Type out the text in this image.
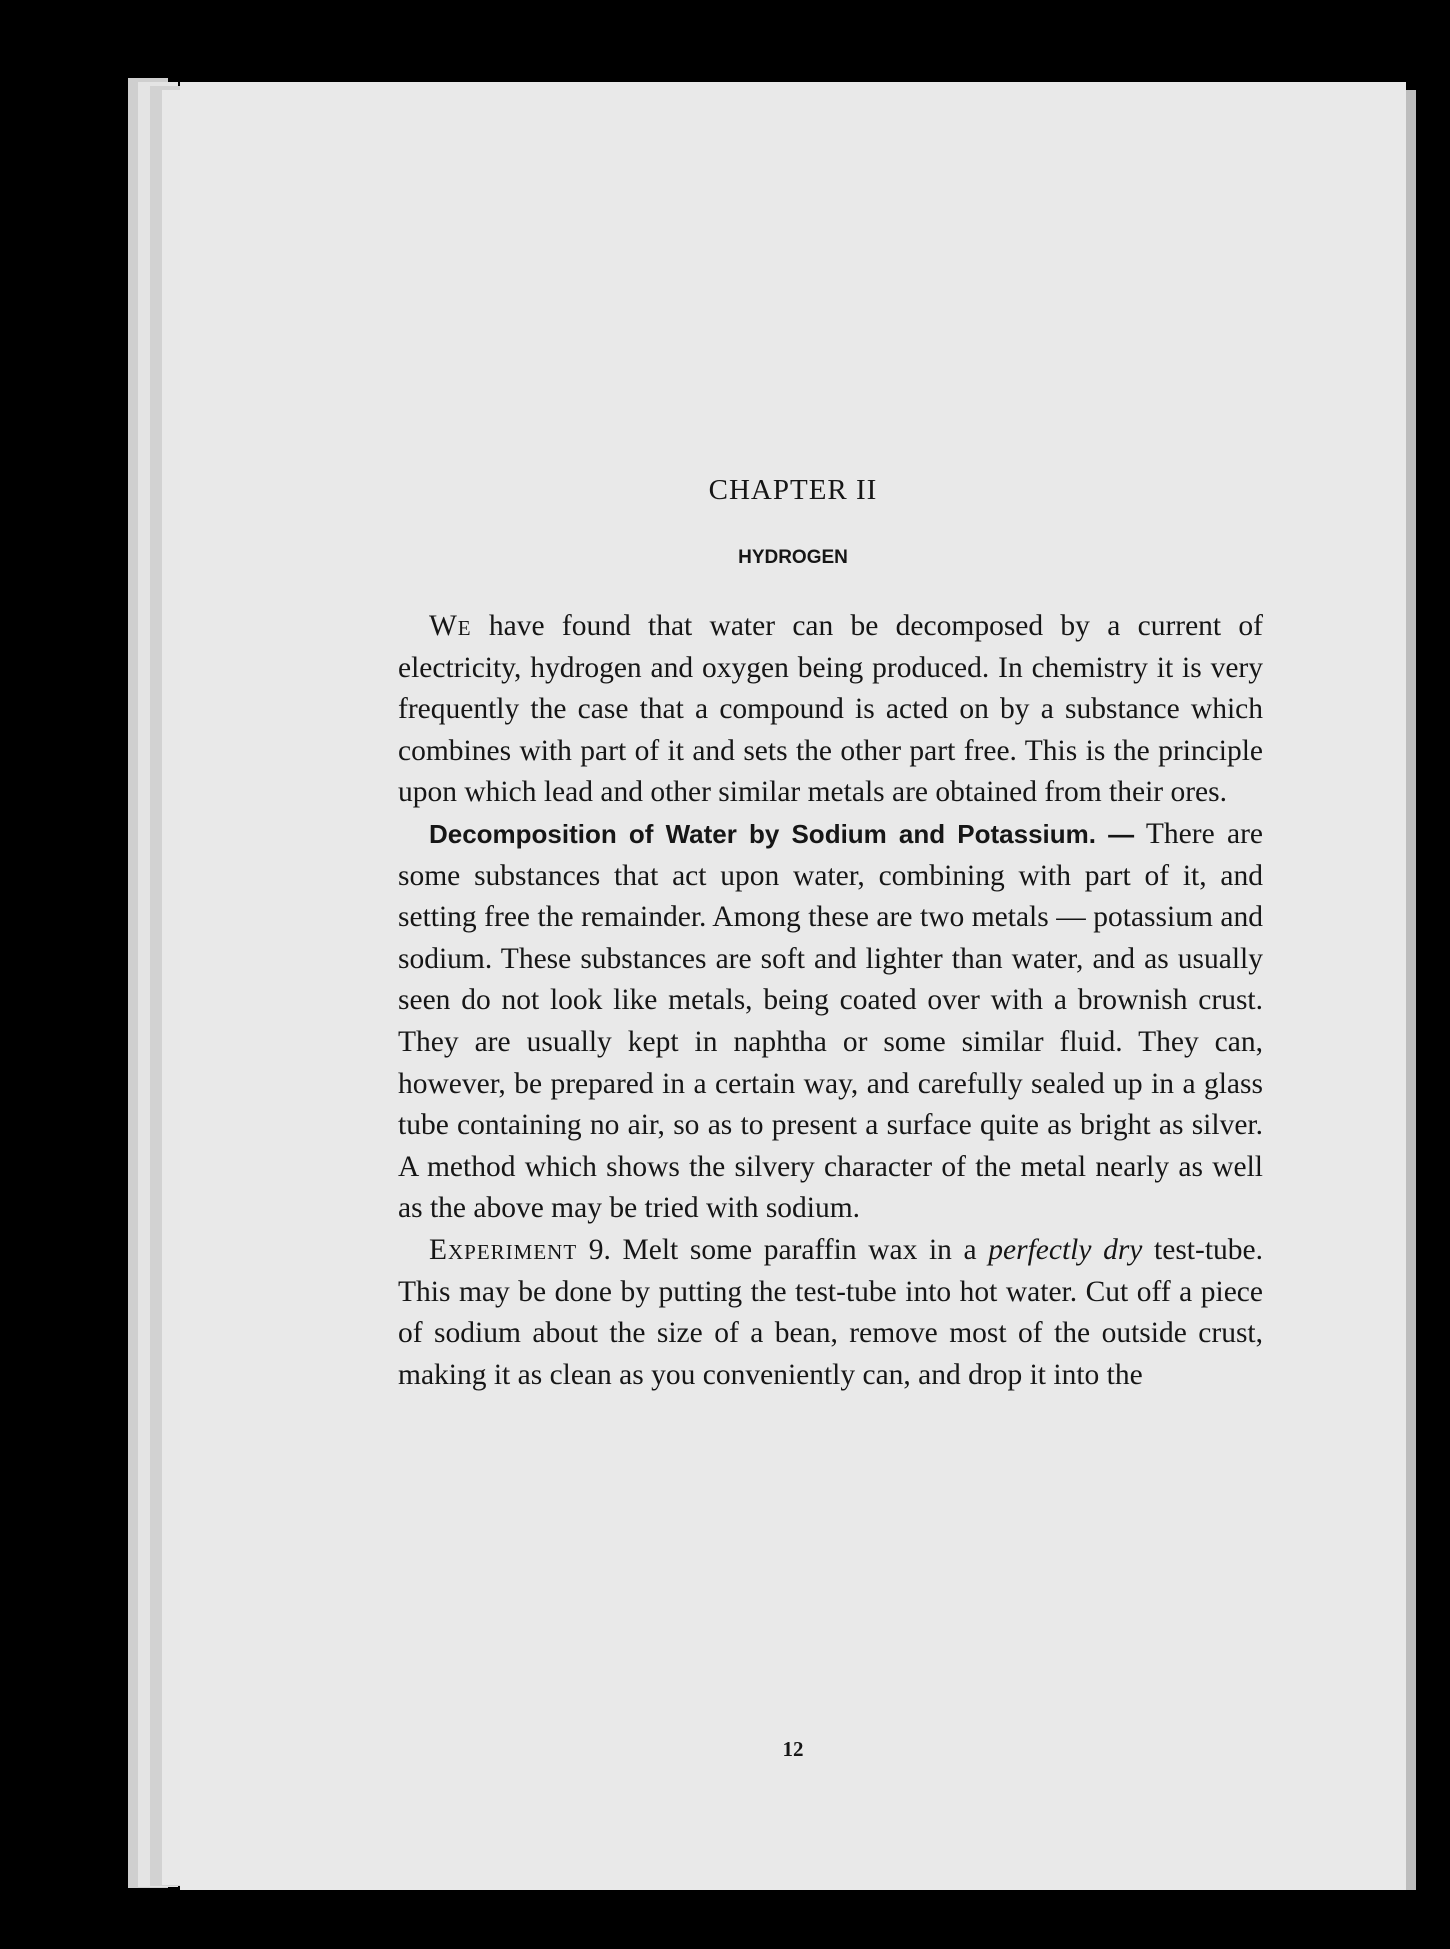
CHAPTER II
HYDROGEN

We have found that water can be decomposed by a current of electricity, hydrogen and oxygen being produced. In chemistry it is very frequently the case that a compound is acted on by a substance which combines with part of it and sets the other part free. This is the principle upon which lead and other similar metals are obtained from their ores.

Decomposition of Water by Sodium and Potassium. — There are some substances that act upon water, combining with part of it, and setting free the remainder. Among these are two metals — potassium and sodium. These substances are soft and lighter than water, and as usually seen do not look like metals, being coated over with a brownish crust. They are usually kept in naphtha or some similar fluid. They can, however, be prepared in a certain way, and carefully sealed up in a glass tube containing no air, so as to present a surface quite as bright as silver. A method which shows the silvery character of the metal nearly as well as the above may be tried with sodium.

Experiment 9. Melt some paraffin wax in a perfectly dry test-tube. This may be done by putting the test-tube into hot water. Cut off a piece of sodium about the size of a bean, remove most of the outside crust, making it as clean as you conveniently can, and drop it into the

12
